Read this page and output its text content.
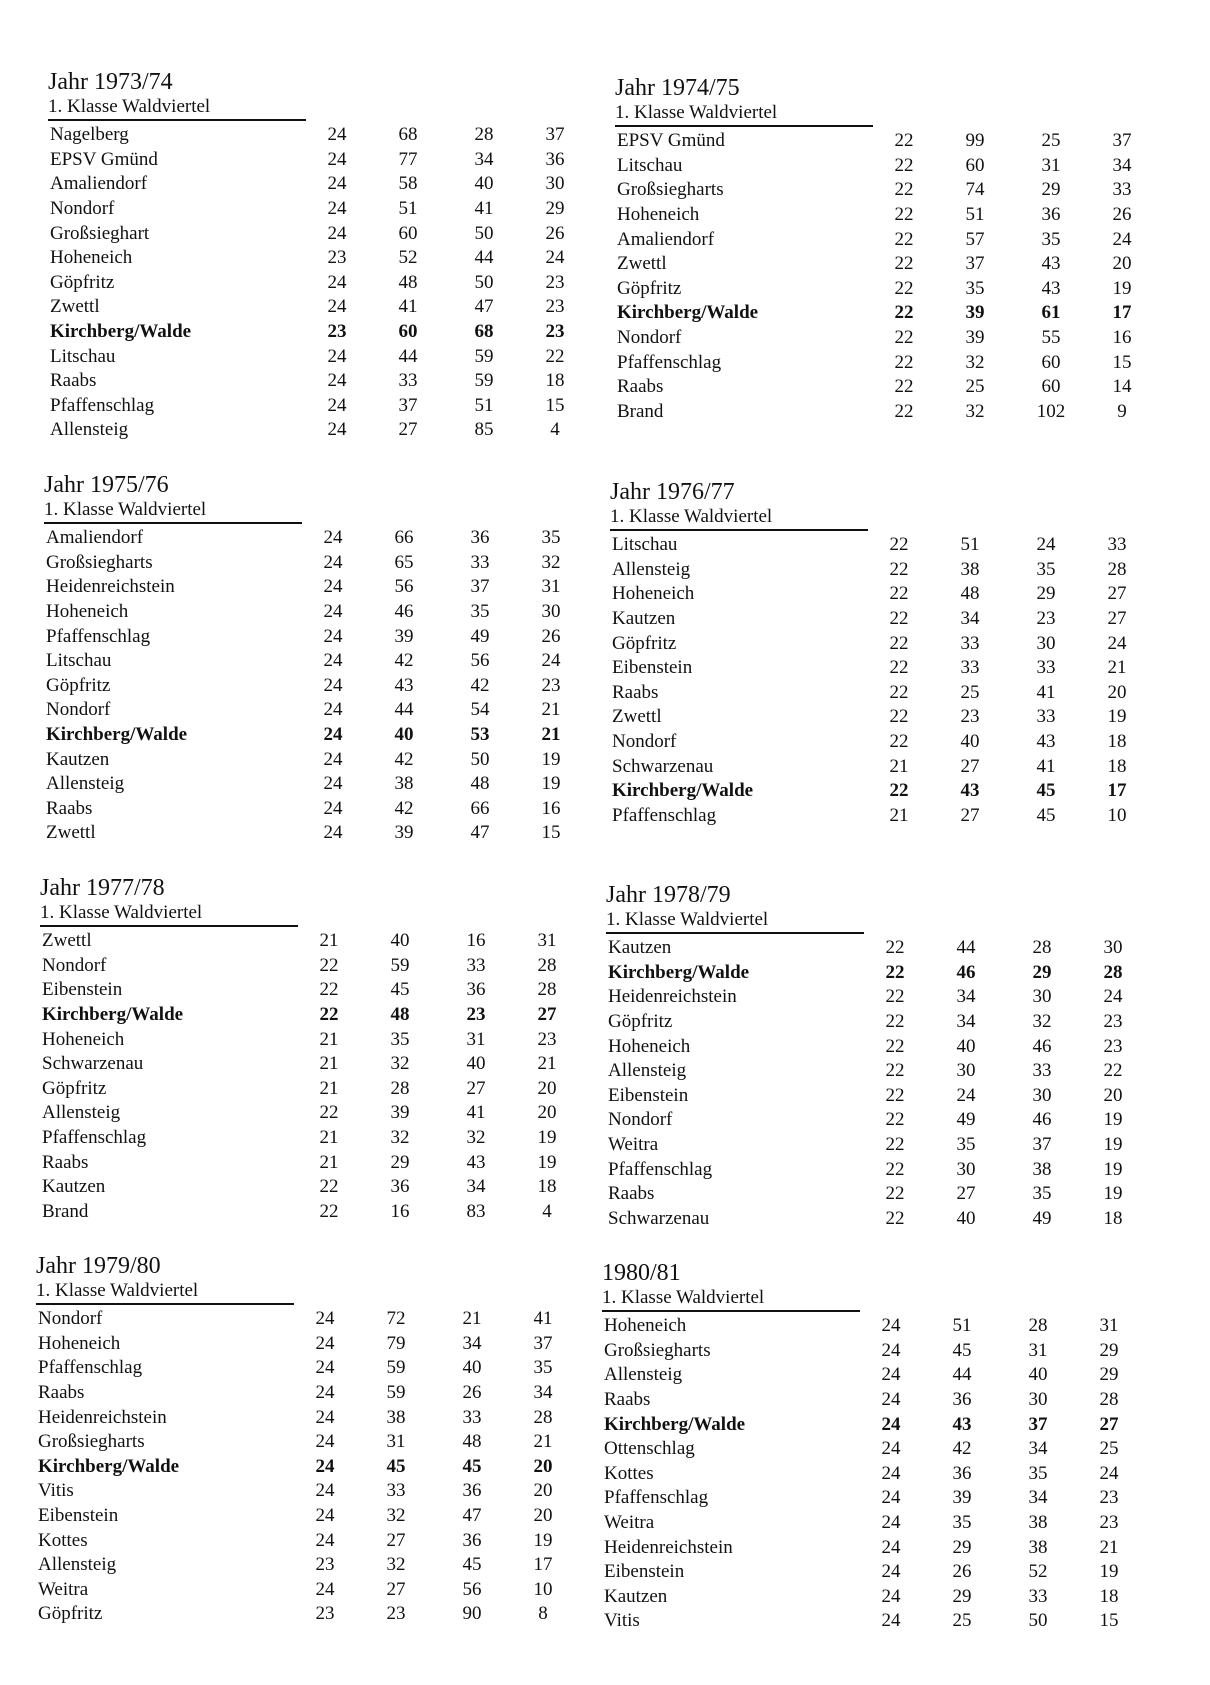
Jahr 1973/74
1. Klasse Waldviertel
Nagelberg	24	68	28	37
EPSV Gmünd	24	77	34	36
Amaliendorf	24	58	40	30
Nondorf	24	51	41	29
Großsieghart	24	60	50	26
Hoheneich	23	52	44	24
Göpfritz	24	48	50	23
Zwettl	24	41	47	23
Kirchberg/Walde	23	60	68	23
Litschau	24	44	59	22
Raabs	24	33	59	18
Pfaffenschlag	24	37	51	15
Allensteig	24	27	85	4
Jahr 1974/75
1. Klasse Waldviertel
EPSV Gmünd	22	99	25	37
Litschau	22	60	31	34
Großsiegharts	22	74	29	33
Hoheneich	22	51	36	26
Amaliendorf	22	57	35	24
Zwettl	22	37	43	20
Göpfritz	22	35	43	19
Kirchberg/Walde	22	39	61	17
Nondorf	22	39	55	16
Pfaffenschlag	22	32	60	15
Raabs	22	25	60	14
Brand	22	32	102	9
Jahr 1975/76
1. Klasse Waldviertel
Amaliendorf	24	66	36	35
Großsiegharts	24	65	33	32
Heidenreichstein	24	56	37	31
Hoheneich	24	46	35	30
Pfaffenschlag	24	39	49	26
Litschau	24	42	56	24
Göpfritz	24	43	42	23
Nondorf	24	44	54	21
Kirchberg/Walde	24	40	53	21
Kautzen	24	42	50	19
Allensteig	24	38	48	19
Raabs	24	42	66	16
Zwettl	24	39	47	15
Jahr 1976/77
1. Klasse Waldviertel
Litschau	22	51	24	33
Allensteig	22	38	35	28
Hoheneich	22	48	29	27
Kautzen	22	34	23	27
Göpfritz	22	33	30	24
Eibenstein	22	33	33	21
Raabs	22	25	41	20
Zwettl	22	23	33	19
Nondorf	22	40	43	18
Schwarzenau	21	27	41	18
Kirchberg/Walde	22	43	45	17
Pfaffenschlag	21	27	45	10
Jahr 1977/78
1. Klasse Waldviertel
Zwettl	21	40	16	31
Nondorf	22	59	33	28
Eibenstein	22	45	36	28
Kirchberg/Walde	22	48	23	27
Hoheneich	21	35	31	23
Schwarzenau	21	32	40	21
Göpfritz	21	28	27	20
Allensteig	22	39	41	20
Pfaffenschlag	21	32	32	19
Raabs	21	29	43	19
Kautzen	22	36	34	18
Brand	22	16	83	4
Jahr 1978/79
1. Klasse Waldviertel
Kautzen	22	44	28	30
Kirchberg/Walde	22	46	29	28
Heidenreichstein	22	34	30	24
Göpfritz	22	34	32	23
Hoheneich	22	40	46	23
Allensteig	22	30	33	22
Eibenstein	22	24	30	20
Nondorf	22	49	46	19
Weitra	22	35	37	19
Pfaffenschlag	22	30	38	19
Raabs	22	27	35	19
Schwarzenau	22	40	49	18
Jahr 1979/80
1. Klasse Waldviertel
Nondorf	24	72	21	41
Hoheneich	24	79	34	37
Pfaffenschlag	24	59	40	35
Raabs	24	59	26	34
Heidenreichstein	24	38	33	28
Großsiegharts	24	31	48	21
Kirchberg/Walde	24	45	45	20
Vitis	24	33	36	20
Eibenstein	24	32	47	20
Kottes	24	27	36	19
Allensteig	23	32	45	17
Weitra	24	27	56	10
Göpfritz	23	23	90	8
1980/81
1. Klasse Waldviertel
Hoheneich	24	51	28	31
Großsiegharts	24	45	31	29
Allensteig	24	44	40	29
Raabs	24	36	30	28
Kirchberg/Walde	24	43	37	27
Ottenschlag	24	42	34	25
Kottes	24	36	35	24
Pfaffenschlag	24	39	34	23
Weitra	24	35	38	23
Heidenreichstein	24	29	38	21
Eibenstein	24	26	52	19
Kautzen	24	29	33	18
Vitis	24	25	50	15
